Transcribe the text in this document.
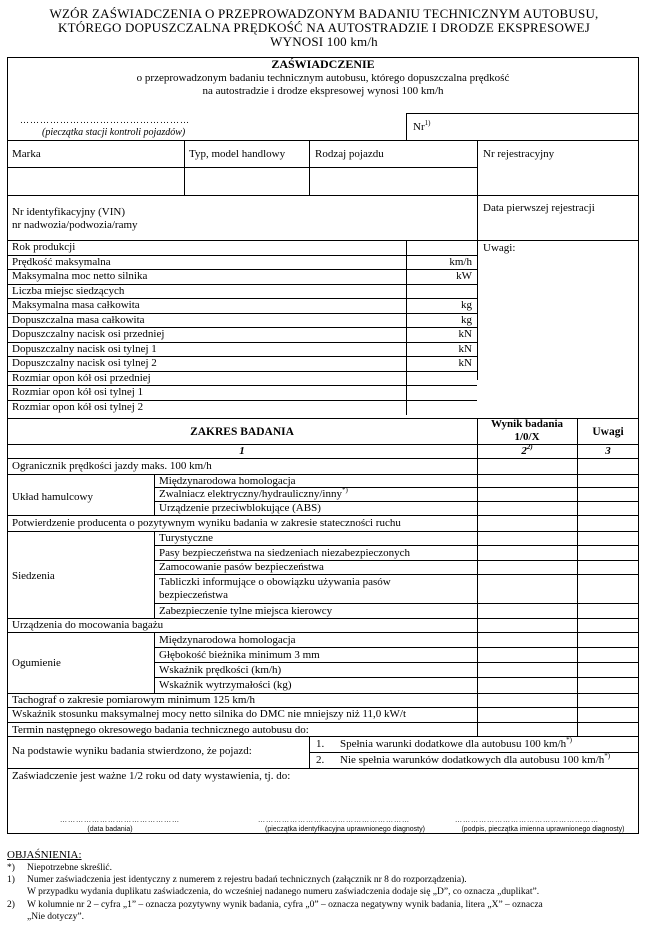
WZÓR ZAŚWIADCZENIA O PRZEPROWADZONYM BADANIU TECHNICZNYM AUTOBUSU,
KTÓREGO DOPUSZCZALNA PRĘDKOŚĆ NA AUTOSTRADZIE I DRODZE EKSPRESOWEJ
WYNOSI 100 km/h
ZAŚWIADCZENIE
o przeprowadzonym badaniu technicznym autobusu, którego dopuszczalna prędkość
na autostradzie i drodze ekspresowej wynosi 100 km/h
……………………………………………
(pieczątka stacji kontroli pojazdów)	Nr$^{1)}$
Marka	Typ, model handlowy	Rodzaj pojazdu	Nr rejestracyjny
Nr identyfikacyjny (VIN)
nr nadwozia/podwozia/ramy
Data pierwszej rejestracji
Uwagi:
Rok produkcji
Prędkość maksymalna	km/h
Maksymalna moc netto silnika	kW
Liczba miejsc siedzących
Maksymalna masa całkowita	kg
Dopuszczalna masa całkowita	kg
Dopuszczalny nacisk osi przedniej	kN
Dopuszczalny nacisk osi tylnej 1	kN
Dopuszczalny nacisk osi tylnej 2	kN
Rozmiar opon kół osi przedniej
Rozmiar opon kół osi tylnej 1
Rozmiar opon kół osi tylnej 2
ZAKRES BADANIA
Wynik badania
1/0/X	Uwagi
1	2$^{2)}$	3
Ogranicznik prędkości jazdy maks. 100 km/h
Układ hamulcowy
Międzynarodowa homologacja
Zwalniacz elektryczny/hydrauliczny/inny*)
Urządzenie przeciwblokujące (ABS)
Potwierdzenie producenta o pozytywnym wyniku badania w zakresie stateczności ruchu
Siedzenia
Turystyczne
Pasy bezpieczeństwa na siedzeniach niezabezpieczonych
Zamocowanie pasów bezpieczeństwa
Tabliczki informujące o obowiązku używania pasów
bezpieczeństwa
Zabezpieczenie tylne miejsca kierowcy
Urządzenia do mocowania bagażu
Ogumienie
Międzynarodowa homologacja
Głębokość bieżnika minimum 3 mm
Wskaźnik prędkości (km/h)
Wskaźnik wytrzymałości (kg)
Tachograf o zakresie pomiarowym minimum 125 km/h
Wskaźnik stosunku maksymalnej mocy netto silnika do DMC nie mniejszy niż 11,0 kW/t
Termin następnego okresowego badania technicznego autobusu do:
Na podstawie wyniku badania stwierdzono, że pojazd:
1. Spełnia warunki dodatkowe dla autobusu 100 km/h*)
2. Nie spełnia warunków dodatkowych dla autobusu 100 km/h*)
Zaświadczenie jest ważne 1/2 roku od daty wystawienia, tj. do:
………………………………………	…………………………………………………	………………………………………………
(data badania)	(pieczątka identyfikacyjna uprawnionego diagnosty)	(podpis, pieczątka imienna uprawnionego diagnosty)
OBJAŚNIENIA:
*) Niepotrzebne skreślić.
1) Numer zaświadczenia jest identyczny z numerem z rejestru badań technicznych (załącznik nr 8 do rozporządzenia).
W przypadku wydania duplikatu zaświadczenia, do wcześniej nadanego numeru zaświadczenia dodaje się „D”, co oznacza „duplikat”.
2) W kolumnie nr 2 – cyfra „1” – oznacza pozytywny wynik badania, cyfra „0” – oznacza negatywny wynik badania, litera „X” – oznacza
„Nie dotyczy”.
